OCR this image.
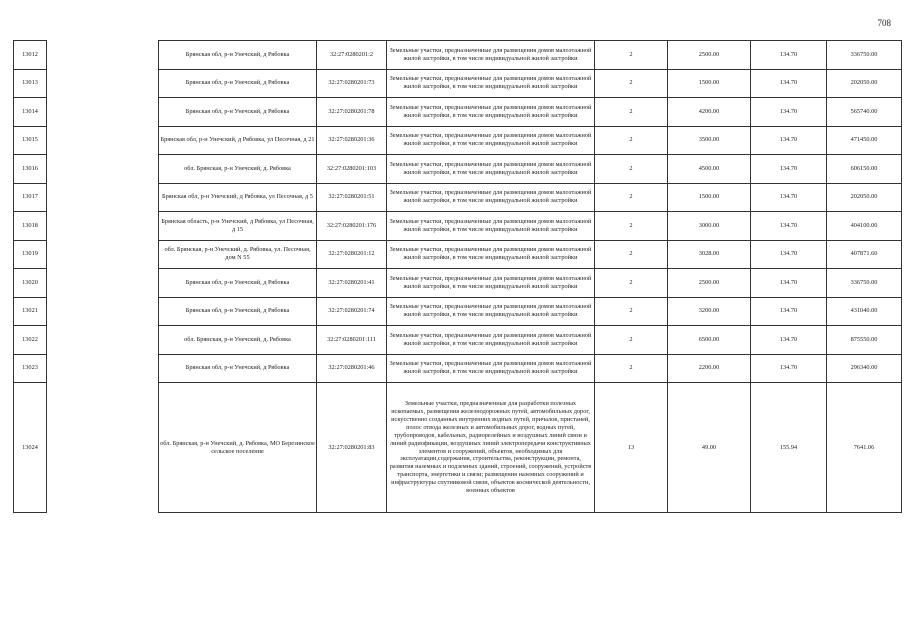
708
13012		Брянская обл, р-н Унечский, д Рябовка	32:27:0280201:2	Земельные участки, предназначенные для размещения домов малоэтажной жилой застройки, в том числе индивидуальной жилой застройки	2	2500.00	134.70	336750.00
13013		Брянская обл, р-н Унечский, д Рябовка	32:27:0280201:73	Земельные участки, предназначенные для размещения домов малоэтажной жилой застройки, в том числе индивидуальной жилой застройки	2	1500.00	134.70	202050.00
13014		Брянская обл, р-н Унечский, д Рябовка	32:27:0280201:78	Земельные участки, предназначенные для размещения домов малоэтажной жилой застройки, в том числе индивидуальной жилой застройки	2	4200.00	134.70	565740.00
13015		Брянская обл, р-н Унечский, д Рябовка, ул Песочная, д 21	32:27:0280201:36	Земельные участки, предназначенные для размещения домов малоэтажной жилой застройки, в том числе индивидуальной жилой застройки	2	3500.00	134.70	471450.00
13016		обл. Брянская, р-н Унечский, д. Рябовка	32:27:0280201:103	Земельные участки, предназначенные для размещения домов малоэтажной жилой застройки, в том числе индивидуальной жилой застройки	2	4500.00	134.70	606150.00
13017		Брянская обл, р-н Унечский, д Рябовка, ул Песочная, д 5	32:27:0280201:51	Земельные участки, предназначенные для размещения домов малоэтажной жилой застройки, в том числе индивидуальной жилой застройки	2	1500.00	134.70	202050.00
13018		Брянская область, р-н Унечский, д Рябовка, ул Песочная, д 15	32:27:0280201:176	Земельные участки, предназначенные для размещения домов малоэтажной жилой застройки, в том числе индивидуальной жилой застройки	2	3000.00	134.70	404100.00
13019		обл. Брянская, р-н Унечский, д. Рябовка, ул. Песочная, дом N 55	32:27:0280201:12	Земельные участки, предназначенные для размещения домов малоэтажной жилой застройки, в том числе индивидуальной жилой застройки	2	3028.00	134.70	407871.60
13020		Брянская обл, р-н Унечский, д Рябовка	32:27:0280201:41	Земельные участки, предназначенные для размещения домов малоэтажной жилой застройки, в том числе индивидуальной жилой застройки	2	2500.00	134.70	336750.00
13021		Брянская обл, р-н Унечский, д Рябовка	32:27:0280201:74	Земельные участки, предназначенные для размещения домов малоэтажной жилой застройки, в том числе индивидуальной жилой застройки	2	3200.00	134.70	431040.00
13022		обл. Брянская, р-н Унечский, д. Рябовка	32:27:0280201:111	Земельные участки, предназначенные для размещения домов малоэтажной жилой застройки, в том числе индивидуальной жилой застройки	2	6500.00	134.70	875550.00
13023		Брянская обл, р-н Унечский, д Рябовка	32:27:0280201:46	Земельные участки, предназначенные для размещения домов малоэтажной жилой застройки, в том числе индивидуальной жилой застройки	2	2200.00	134.70	296340.00
13024		обл. Брянская, р-н Унечский, д. Рябовка, МО Березинское сельское поселение	32:27:0280201:83	Земельные участки, предназначенные для разработки полезных ископаемых, размещения железнодорожных путей, автомобильных дорог, искусственно созданных внутренних водных путей, причалов, пристаней, полос отвода железных и автомобильных дорог, водных путей, трубопроводов, кабельных, радиорелейных и воздушных линий связи и линий радиофикации, воздушных линий электропередачи конструктивных элементов и сооружений, объектов, необходимых для эксплуатации,содержания, строительства, реконструкции, ремонта, развития наземных и подземных зданий, строений, сооружений, устройств транспорта, энергетики и связи; размещения наземных сооружений и инфраструктуры спутниковой связи, объектов космической деятельности, военных объектов	13	49.00	155.94	7641.06
